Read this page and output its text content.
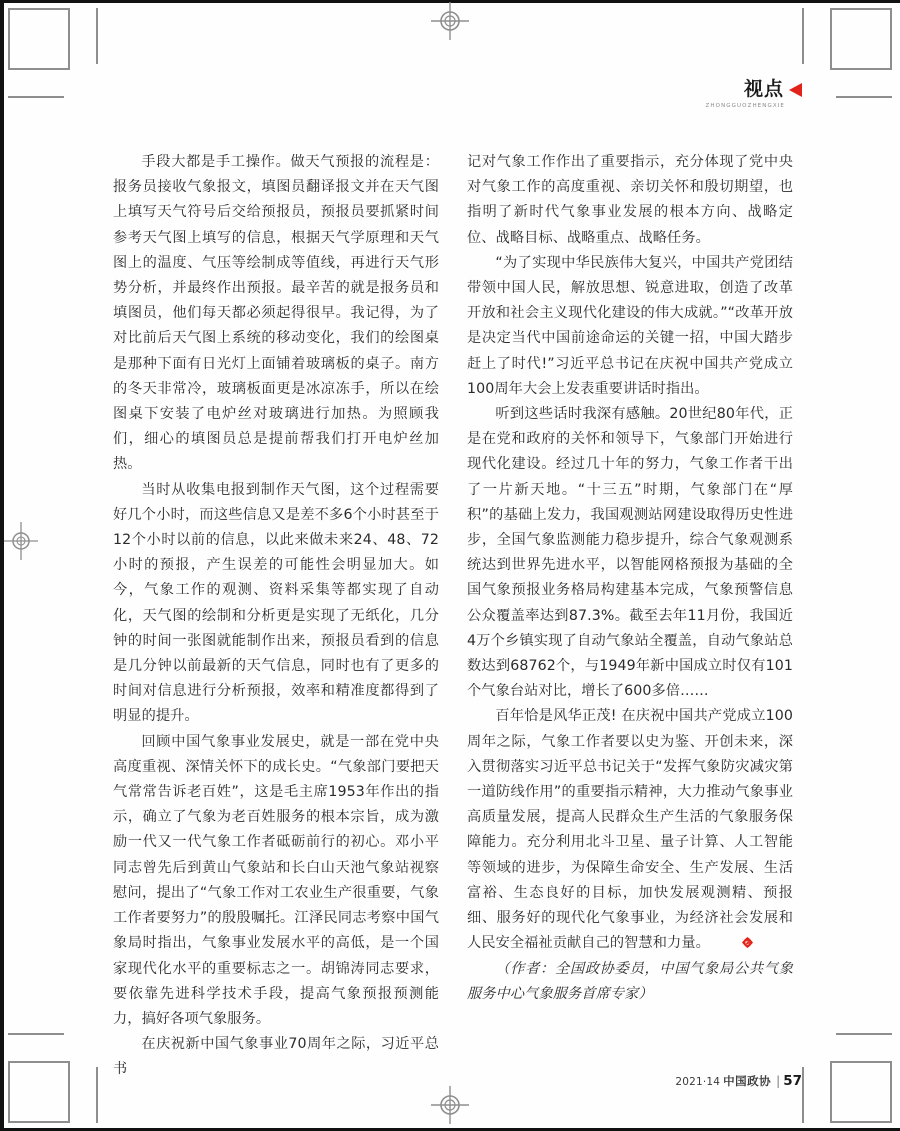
视点
ZHONGGUOZHENGXIE

手段大都是手工操作。做天气预报的流程是：报务员接收气象报文，填图员翻译报文并在天气图上填写天气符号后交给预报员，预报员要抓紧时间参考天气图上填写的信息，根据天气学原理和天气图上的温度、气压等绘制成等值线，再进行天气形势分析，并最终作出预报。最辛苦的就是报务员和填图员，他们每天都必须起得很早。我记得，为了对比前后天气图上系统的移动变化，我们的绘图桌是那种下面有日光灯上面铺着玻璃板的桌子。南方的冬天非常冷，玻璃板面更是冰凉冻手，所以在绘图桌下安装了电炉丝对玻璃进行加热。为照顾我们，细心的填图员总是提前帮我们打开电炉丝加热。

当时从收集电报到制作天气图，这个过程需要好几个小时，而这些信息又是差不多6个小时甚至于12个小时以前的信息，以此来做未来24、48、72小时的预报，产生误差的可能性会明显加大。如今，气象工作的观测、资料采集等都实现了自动化，天气图的绘制和分析更是实现了无纸化，几分钟的时间一张图就能制作出来，预报员看到的信息是几分钟以前最新的天气信息，同时也有了更多的时间对信息进行分析预报，效率和精准度都得到了明显的提升。

回顾中国气象事业发展史，就是一部在党中央高度重视、深情关怀下的成长史。“气象部门要把天气常常告诉老百姓”，这是毛主席1953年作出的指示，确立了气象为老百姓服务的根本宗旨，成为激励一代又一代气象工作者砥砺前行的初心。邓小平同志曾先后到黄山气象站和长白山天池气象站视察慰问，提出了“气象工作对工农业生产很重要，气象工作者要努力”的殷殷嘱托。江泽民同志考察中国气象局时指出，气象事业发展水平的高低，是一个国家现代化水平的重要标志之一。胡锦涛同志要求，要依靠先进科学技术手段，提高气象预报预测能力，搞好各项气象服务。

在庆祝新中国气象事业70周年之际，习近平总书

记对气象工作作出了重要指示，充分体现了党中央对气象工作的高度重视、亲切关怀和殷切期望，也指明了新时代气象事业发展的根本方向、战略定位、战略目标、战略重点、战略任务。

“为了实现中华民族伟大复兴，中国共产党团结带领中国人民，解放思想、锐意进取，创造了改革开放和社会主义现代化建设的伟大成就。”“改革开放是决定当代中国前途命运的关键一招，中国大踏步赶上了时代!”习近平总书记在庆祝中国共产党成立100周年大会上发表重要讲话时指出。

听到这些话时我深有感触。20世纪80年代，正是在党和政府的关怀和领导下，气象部门开始进行现代化建设。经过几十年的努力，气象工作者干出了一片新天地。“十三五”时期，气象部门在“厚积”的基础上发力，我国观测站网建设取得历史性进步，全国气象监测能力稳步提升，综合气象观测系统达到世界先进水平，以智能网格预报为基础的全国气象预报业务格局构建基本完成，气象预警信息公众覆盖率达到87.3%。截至去年11月份，我国近4万个乡镇实现了自动气象站全覆盖，自动气象站总数达到68762个，与1949年新中国成立时仅有101个气象台站对比，增长了600多倍……

百年恰是风华正茂! 在庆祝中国共产党成立100周年之际，气象工作者要以史为鉴、开创未来，深入贯彻落实习近平总书记关于“发挥气象防灾减灾第一道防线作用”的重要指示精神，大力推动气象事业高质量发展，提高人民群众生产生活的气象服务保障能力。充分利用北斗卫星、量子计算、人工智能等领域的进步，为保障生命安全、生产发展、生活富裕、生态良好的目标，加快发展观测精、预报细、服务好的现代化气象事业，为经济社会发展和人民安全福祉贡献自己的智慧和力量。

（作者：全国政协委员，中国气象局公共气象服务中心气象服务首席专家）

2021·14 中国政协 | 57
